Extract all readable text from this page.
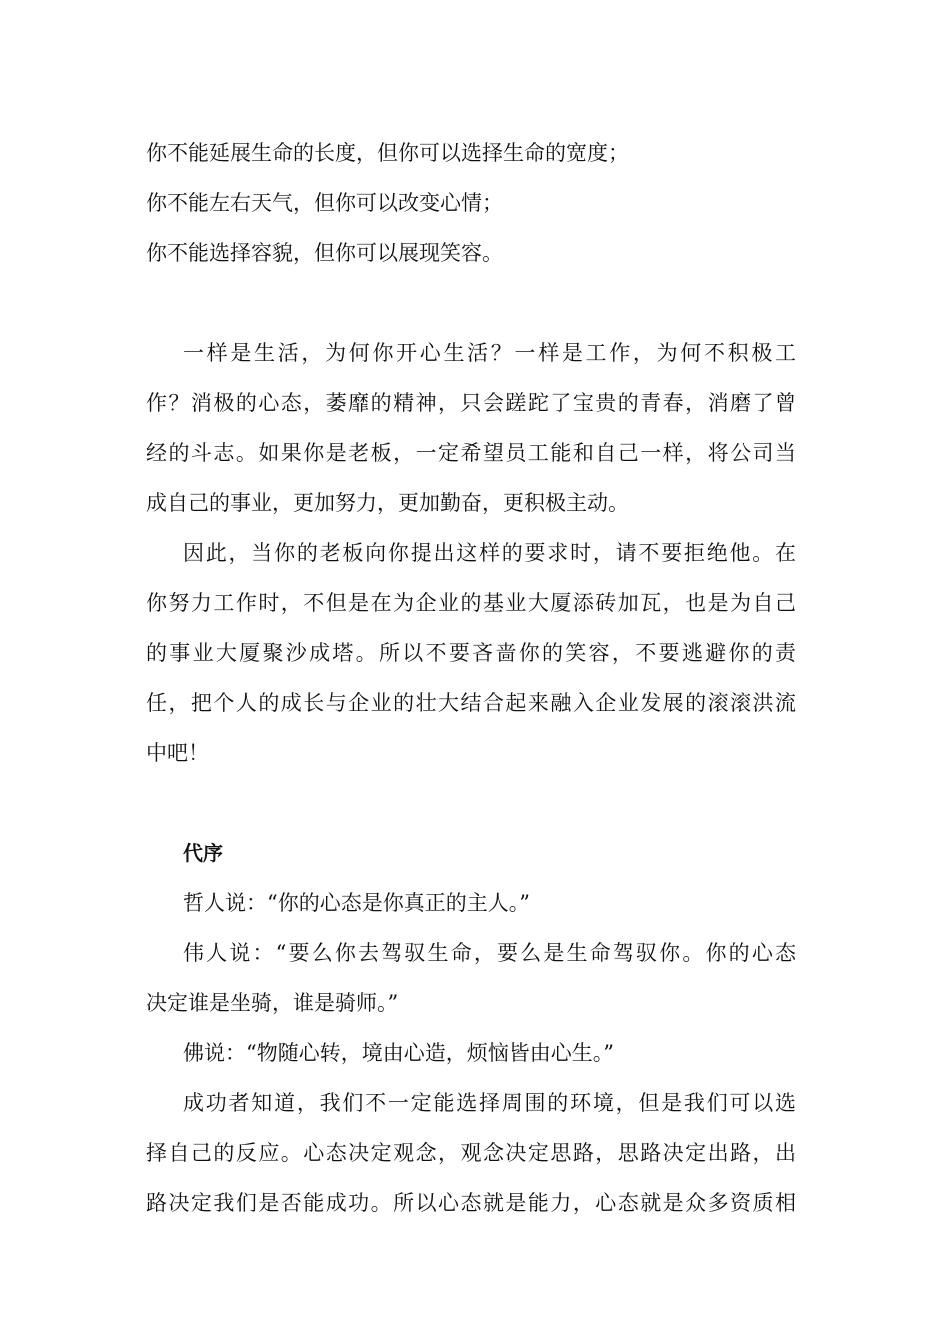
你不能延展生命的长度，但你可以选择生命的宽度；
你不能左右天气，但你可以改变心情；
你不能选择容貌，但你可以展现笑容。
一样是生活，为何你开心生活？一样是工作，为何不积极工
作？消极的心态，萎靡的精神，只会蹉跎了宝贵的青春，消磨了曾
经的斗志。如果你是老板，一定希望员工能和自己一样，将公司当
成自己的事业，更加努力，更加勤奋，更积极主动。
因此，当你的老板向你提出这样的要求时，请不要拒绝他。在
你努力工作时，不但是在为企业的基业大厦添砖加瓦，也是为自己
的事业大厦聚沙成塔。所以不要吝啬你的笑容，不要逃避你的责
任，把个人的成长与企业的壮大结合起来融入企业发展的滚滚洪流
中吧！
代序
哲人说：“你的心态是你真正的主人。”
伟人说：“要么你去驾驭生命，要么是生命驾驭你。你的心态
决定谁是坐骑，谁是骑师。”
佛说：“物随心转，境由心造，烦恼皆由心生。”
成功者知道，我们不一定能选择周围的环境，但是我们可以选
择自己的反应。心态决定观念，观念决定思路，思路决定出路，出
路决定我们是否能成功。所以心态就是能力，心态就是众多资质相
